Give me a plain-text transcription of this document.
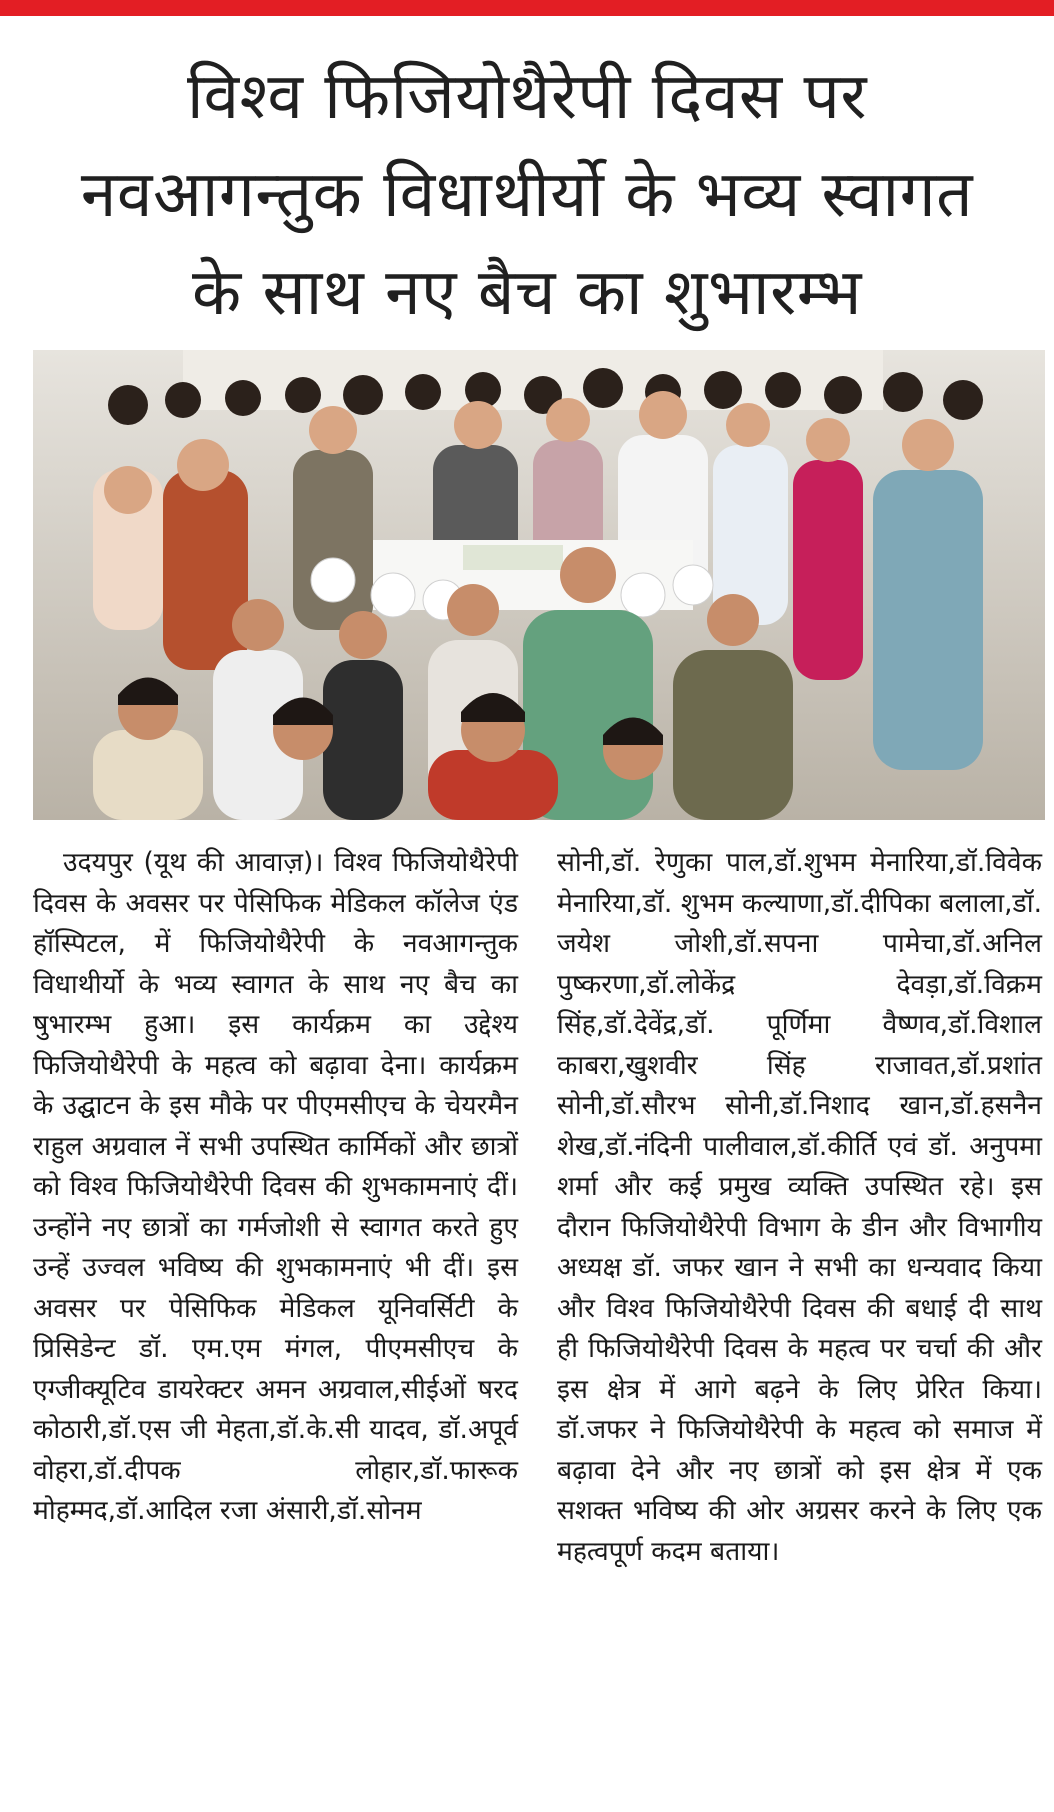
विश्व फिजियोथैरेपी दिवस पर
नवआगन्तुक विधाथीर्यो के भव्य स्वागत
के साथ नए बैच का शुभारम्भ

उदयपुर (यूथ की आवाज़)। विश्व फिजियोथैरेपी दिवस के अवसर पर पेसिफिक मेडिकल कॉलेज एंड हॉस्पिटल, में फिजियोथैरेपी के नवआगन्तुक विधाथीर्यो के भव्य स्वागत के साथ नए बैच का षुभारम्भ हुआ। इस कार्यक्रम का उद्देश्य फिजियोथैरेपी के महत्व को बढ़ावा देना। कार्यक्रम के उद्घाटन के इस मौके पर पीएमसीएच के चेयरमैन राहुल अग्रवाल नें सभी उपस्थित कार्मिकों और छात्रों को विश्व फिजियोथैरेपी दिवस की शुभकामनाएं दीं। उन्होंने नए छात्रों का गर्मजोशी से स्वागत करते हुए उन्हें उज्वल भविष्य की शुभकामनाएं भी दीं। इस अवसर पर पेसिफिक मेडिकल यूनिवर्सिटी के प्रिसिडेन्ट डॉ. एम.एम मंगल, पीएमसीएच के एग्जीक्यूटिव डायरेक्टर अमन अग्रवाल,सीईओं षरद कोठारी,डॉ.एस जी मेहता,डॉ.के.सी यादव, डॉ.अपूर्व वोहरा,डॉ.दीपक लोहार,डॉ.फारूक मोहम्मद,डॉ.आदिल रजा अंसारी,डॉ.सोनम

सोनी,डॉ. रेणुका पाल,डॉ.शुभम मेनारिया,डॉ.विवेक मेनारिया,डॉ. शुभम कल्याणा,डॉ.दीपिका बलाला,डॉ. जयेश जोशी,डॉ.सपना पामेचा,डॉ.अनिल पुष्करणा,डॉ.लोकेंद्र देवड़ा,डॉ.विक्रम सिंह,डॉ.देवेंद्र,डॉ. पूर्णिमा वैष्णव,डॉ.विशाल काबरा,खुशवीर सिंह राजावत,डॉ.प्रशांत सोनी,डॉ.सौरभ सोनी,डॉ.निशाद खान,डॉ.हसनैन शेख,डॉ.नंदिनी पालीवाल,डॉ.कीर्ति एवं डॉ. अनुपमा शर्मा और कई प्रमुख व्यक्ति उपस्थित रहे। इस दौरान फिजियोथैरेपी विभाग के डीन और विभागीय अध्यक्ष डॉ. जफर खान ने सभी का धन्यवाद किया और विश्व फिजियोथैरेपी दिवस की बधाई दी साथ ही फिजियोथैरेपी दिवस के महत्व पर चर्चा की और इस क्षेत्र में आगे बढ़ने के लिए प्रेरित किया। डॉ.जफर ने फिजियोथैरेपी के महत्व को समाज में बढ़ावा देने और नए छात्रों को इस क्षेत्र में एक सशक्त भविष्य की ओर अग्रसर करने के लिए एक महत्वपूर्ण कदम बताया।
